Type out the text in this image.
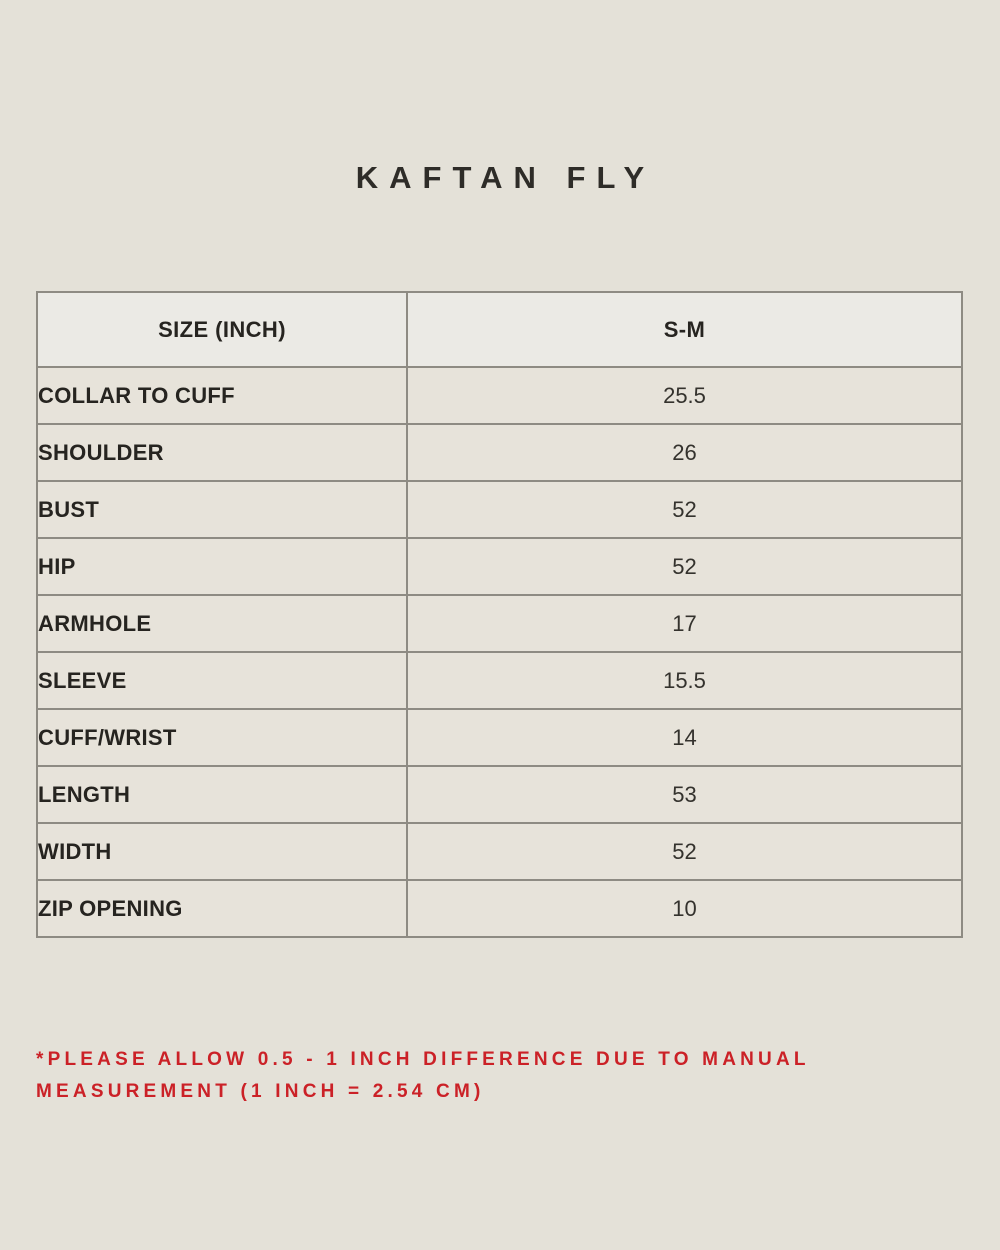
KAFTAN FLY
SIZE (INCH)	S-M
COLLAR TO CUFF	25.5
SHOULDER	26
BUST	52
HIP	52
ARMHOLE	17
SLEEVE	15.5
CUFF/WRIST	14
LENGTH	53
WIDTH	52
ZIP OPENING	10

*PLEASE ALLOW 0.5 - 1 INCH DIFFERENCE DUE TO MANUAL
MEASUREMENT (1 INCH = 2.54 CM)
